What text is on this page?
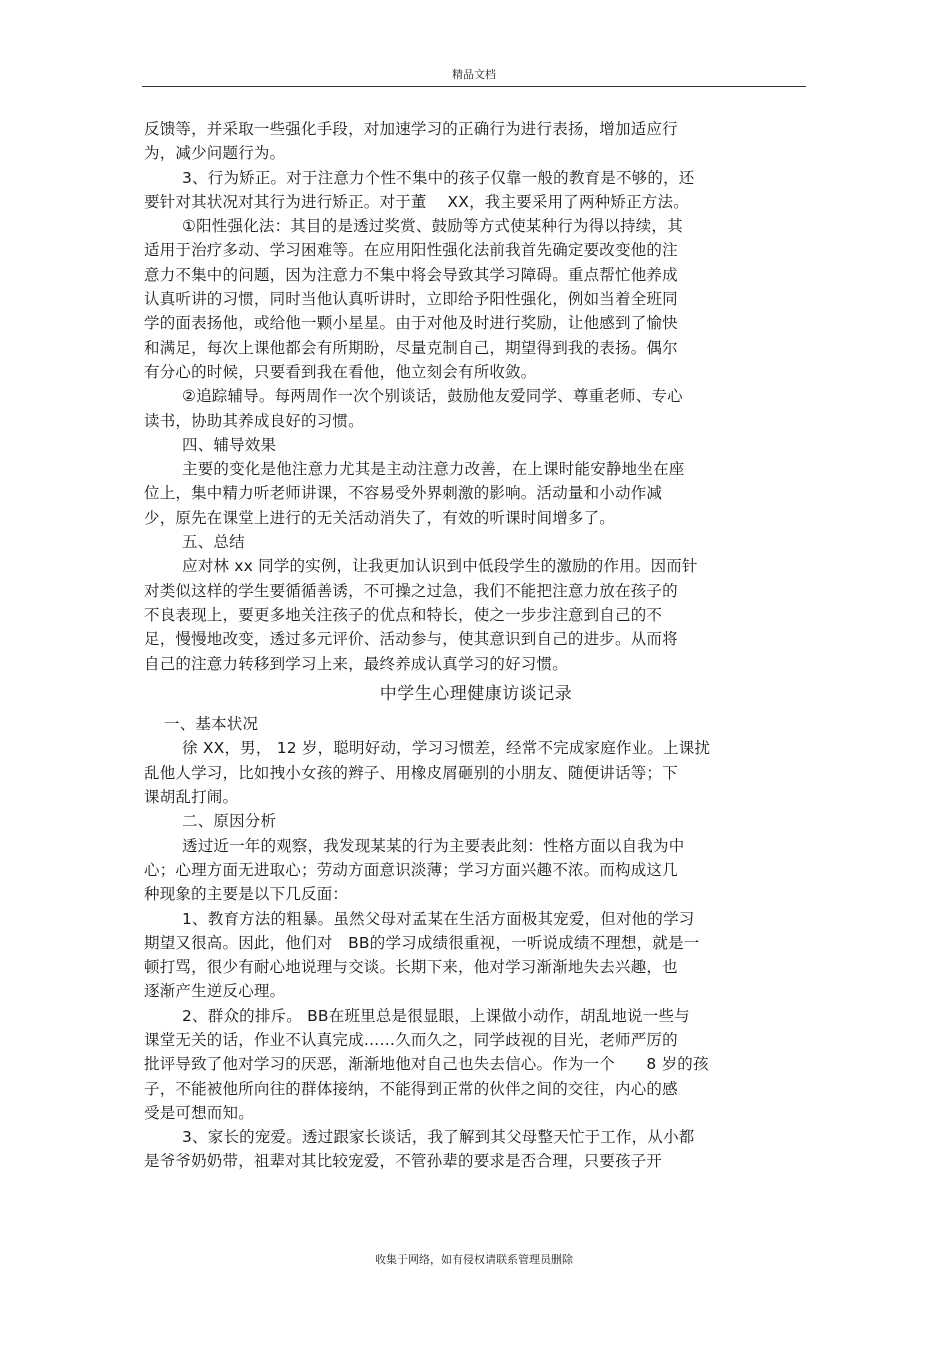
精品文档
反馈等，并采取一些强化手段，对加速学习的正确行为进行表扬，增加适应行
为，减少问题行为。
3、行为矫正。对于注意力个性不集中的孩子仅靠一般的教育是不够的，还
要针对其状况对其行为进行矫正。对于董　 XX，我主要采用了两种矫正方法。
①阳性强化法：其目的是透过奖赏、鼓励等方式使某种行为得以持续，其
适用于治疗多动、学习困难等。在应用阳性强化法前我首先确定要改变他的注
意力不集中的问题，因为注意力不集中将会导致其学习障碍。重点帮忙他养成
认真听讲的习惯，同时当他认真听讲时，立即给予阳性强化，例如当着全班同
学的面表扬他，或给他一颗小星星。由于对他及时进行奖励，让他感到了愉快
和满足，每次上课他都会有所期盼，尽量克制自己，期望得到我的表扬。偶尔
有分心的时候，只要看到我在看他，他立刻会有所收敛。
②追踪辅导。每两周作一次个别谈话，鼓励他友爱同学、尊重老师、专心
读书，协助其养成良好的习惯。
四、辅导效果
主要的变化是他注意力尤其是主动注意力改善，在上课时能安静地坐在座
位上，集中精力听老师讲课，不容易受外界刺激的影响。活动量和小动作减
少，原先在课堂上进行的无关活动消失了，有效的听课时间增多了。
五、总结
应对林 xx 同学的实例，让我更加认识到中低段学生的激励的作用。因而针
对类似这样的学生要循循善诱，不可操之过急，我们不能把注意力放在孩子的
不良表现上，要更多地关注孩子的优点和特长，使之一步步注意到自己的不
足，慢慢地改变，透过多元评价、活动参与，使其意识到自己的进步。从而将
自己的注意力转移到学习上来，最终养成认真学习的好习惯。
中学生心理健康访谈记录
一、基本状况
徐 XX，男， 12 岁，聪明好动，学习习惯差，经常不完成家庭作业。上课扰
乱他人学习，比如拽小女孩的辫子、用橡皮屑砸别的小朋友、随便讲话等；下
课胡乱打闹。
二、原因分析
透过近一年的观察，我发现某某的行为主要表此刻：性格方面以自我为中
心；心理方面无进取心；劳动方面意识淡薄；学习方面兴趣不浓。而构成这几
种现象的主要是以下几反面：
1、教育方法的粗暴。虽然父母对孟某在生活方面极其宠爱，但对他的学习
期望又很高。因此，他们对　BB的学习成绩很重视，一听说成绩不理想，就是一
顿打骂，很少有耐心地说理与交谈。长期下来，他对学习渐渐地失去兴趣，也
逐渐产生逆反心理。
2、群众的排斥。 BB在班里总是很显眼，上课做小动作，胡乱地说一些与
课堂无关的话，作业不认真完成……久而久之，同学歧视的目光，老师严厉的
批评导致了他对学习的厌恶，渐渐地他对自己也失去信心。作为一个　　8 岁的孩
子，不能被他所向往的群体接纳，不能得到正常的伙伴之间的交往，内心的感
受是可想而知。
3、家长的宠爱。透过跟家长谈话，我了解到其父母整天忙于工作，从小都
是爷爷奶奶带，祖辈对其比较宠爱，不管孙辈的要求是否合理，只要孩子开
收集于网络，如有侵权请联系管理员删除
